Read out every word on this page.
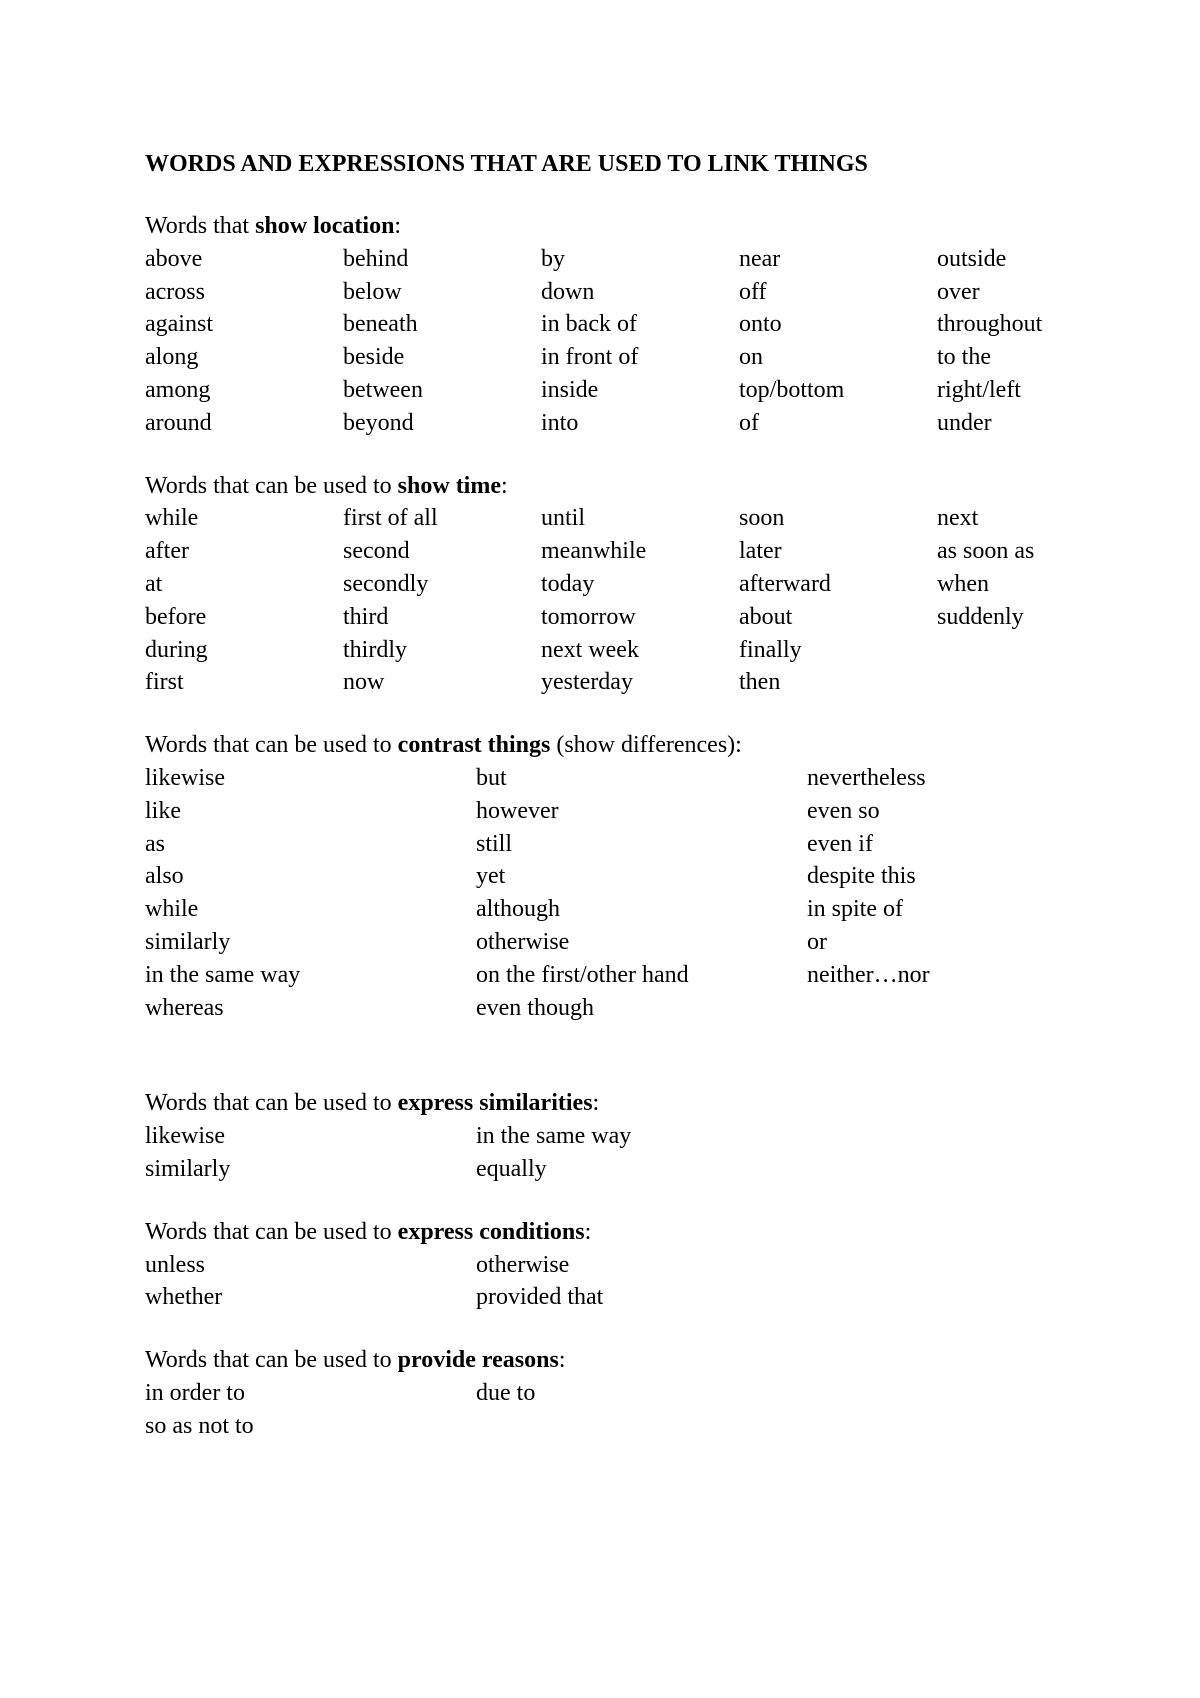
WORDS AND EXPRESSIONS THAT ARE USED TO LINK THINGS
Words that show location:
above	behind	by	near	outside
across	below	down	off	over
against	beneath	in back of	onto	throughout
along	beside	in front of	on	to the
among	between	inside	top/bottom	right/left
around	beyond	into	of	under
Words that can be used to show time:
while	first of all	until	soon	next
after	second	meanwhile	later	as soon as
at	secondly	today	afterward	when
before	third	tomorrow	about	suddenly
during	thirdly	next week	finally
first	now	yesterday	then
Words that can be used to contrast things (show differences):
likewise	but	nevertheless
like	however	even so
as	still	even if
also	yet	despite this
while	although	in spite of
similarly	otherwise	or
in the same way	on the first/other hand	neither…nor
whereas	even though
Words that can be used to express similarities:
likewise	in the same way
similarly	equally
Words that can be used to express conditions:
unless	otherwise
whether	provided that
Words that can be used to provide reasons:
in order to	due to
so as not to
